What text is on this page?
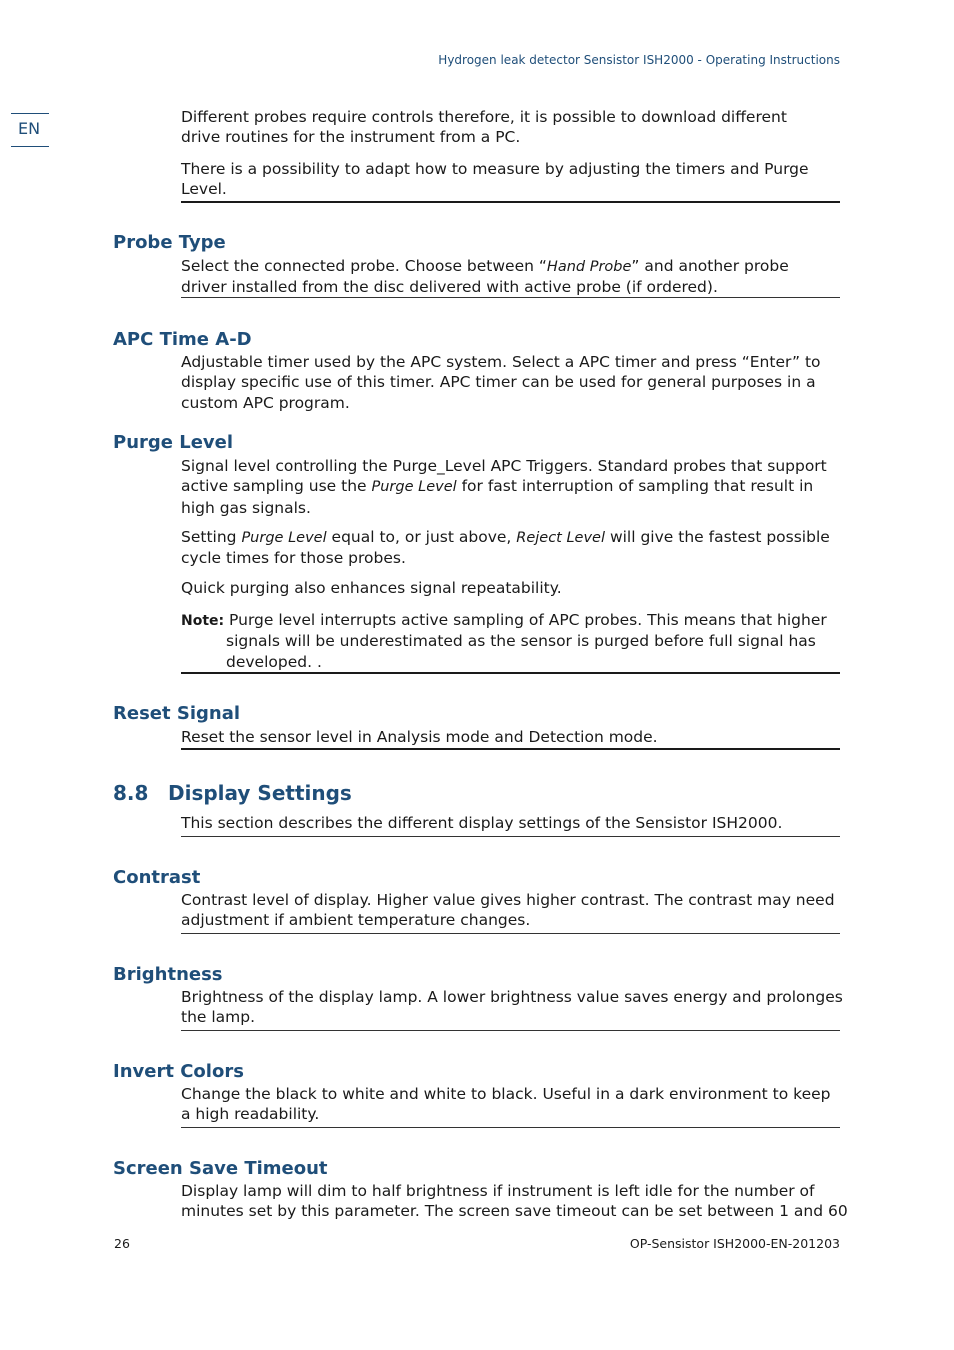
Hydrogen leak detector Sensistor ISH2000 - Operating Instructions
EN
Different probes require controls therefore, it is possible to download different
drive routines for the instrument from a PC.
There is a possibility to adapt how to measure by adjusting the timers and Purge
Level.
Probe Type
Select the connected probe. Choose between “Hand Probe” and another probe
driver installed from the disc delivered with active probe (if ordered).
APC Time A-D
Adjustable timer used by the APC system. Select a APC timer and press “Enter” to
display specific use of this timer. APC timer can be used for general purposes in a
custom APC program.
Purge Level
Signal level controlling the Purge_Level APC Triggers. Standard probes that support
active sampling use the Purge Level for fast interruption of sampling that result in
high gas signals.
Setting Purge Level equal to, or just above, Reject Level will give the fastest possible
cycle times for those probes.
Quick purging also enhances signal repeatability.
Note: Purge level interrupts active sampling of APC probes. This means that higher
signals will be underestimated as the sensor is purged before full signal has
developed. .
Reset Signal
Reset the sensor level in Analysis mode and Detection mode.
8.8 Display Settings
This section describes the different display settings of the Sensistor ISH2000.
Contrast
Contrast level of display. Higher value gives higher contrast. The contrast may need
adjustment if ambient temperature changes.
Brightness
Brightness of the display lamp. A lower brightness value saves energy and prolonges
the lamp.
Invert Colors
Change the black to white and white to black. Useful in a dark environment to keep
a high readability.
Screen Save Timeout
Display lamp will dim to half brightness if instrument is left idle for the number of
minutes set by this parameter. The screen save timeout can be set between 1 and 60
26	OP-Sensistor ISH2000-EN-201203
